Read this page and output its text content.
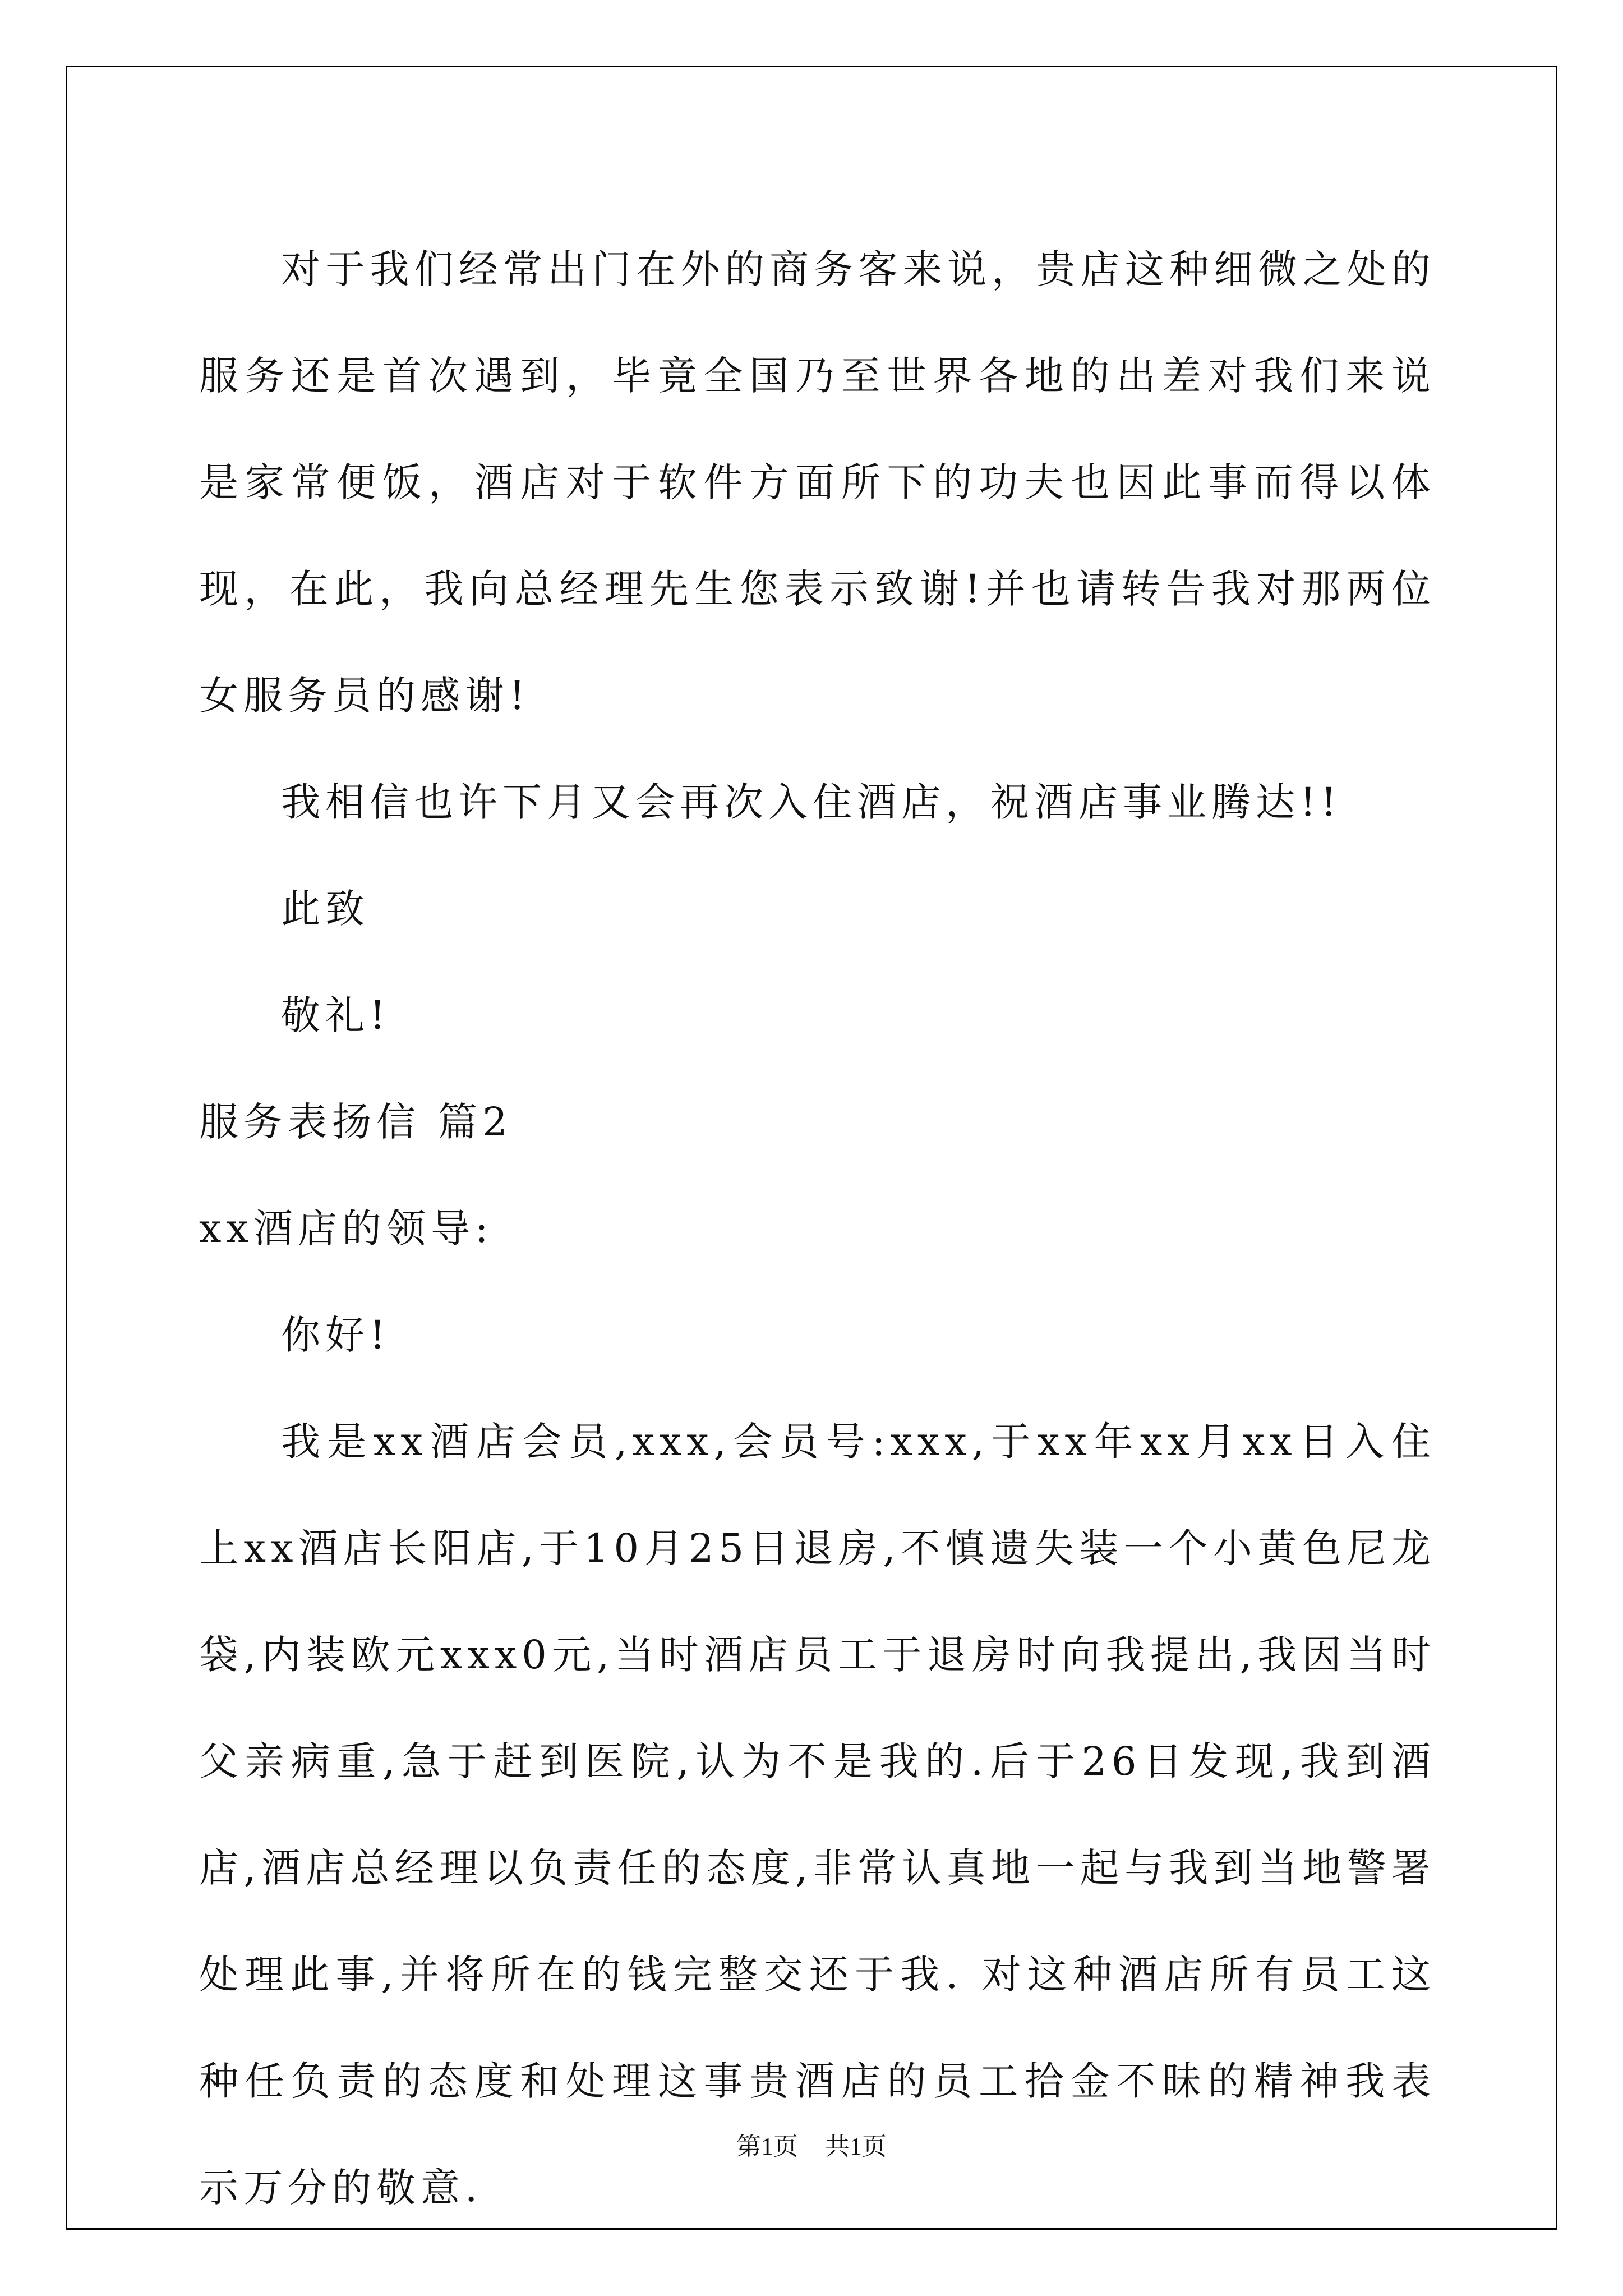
对于我们经常出门在外的商务客来说，贵店这种细微之处的服务还是首次遇到，毕竟全国乃至世界各地的出差对我们来说是家常便饭，酒店对于软件方面所下的功夫也因此事而得以体现，在此，我向总经理先生您表示致谢!并也请转告我对那两位女服务员的感谢!

我相信也许下月又会再次入住酒店，祝酒店事业腾达!!

此致

敬礼!

服务表扬信 篇2

xx酒店的领导:

你好!

我是xx酒店会员,xxx,会员号:xxx,于xx年xx月xx日入住上xx酒店长阳店,于10月25日退房,不慎遗失装一个小黄色尼龙袋,内装欧元xxx0元,当时酒店员工于退房时向我提出,我因当时父亲病重,急于赶到医院,认为不是我的.后于26日发现,我到酒店,酒店总经理以负责任的态度,非常认真地一起与我到当地警署处理此事,并将所在的钱完整交还于我. 对这种酒店所有员工这种任负责的态度和处理这事贵酒店的员工拾金不昧的精神我表示万分的敬意.

第1页 共1页
